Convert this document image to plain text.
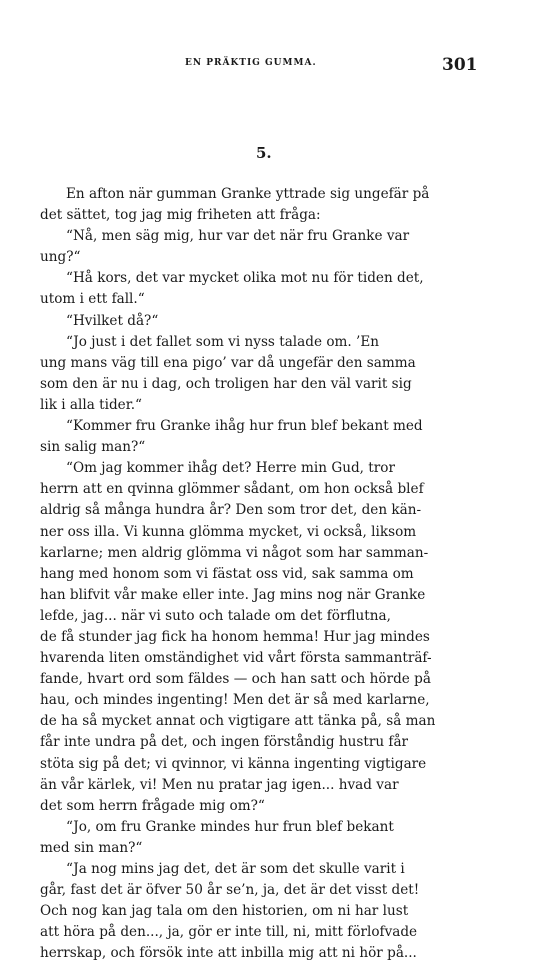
EN PRÄKTIG GUMMA.	301
5.
En afton när gumman Granke yttrade sig ungefär på
det sättet, tog jag mig friheten att fråga:
“Nå, men säg mig, hur var det när fru Granke var
ung?“
“Hå kors, det var mycket olika mot nu för tiden det,
utom i ett fall.“
“Hvilket då?“
“Jo just i det fallet som vi nyss talade om. ’En
ung mans väg till ena pigo’ var då ungefär den samma
som den är nu i dag, och troligen har den väl varit sig
lik i alla tider.“
“Kommer fru Granke ihåg hur frun blef bekant med
sin salig man?“
“Om jag kommer ihåg det? Herre min Gud, tror
herrn att en qvinna glömmer sådant, om hon också blef
aldrig så många hundra år? Den som tror det, den kän-
ner oss illa. Vi kunna glömma mycket, vi också, liksom
karlarne; men aldrig glömma vi något som har samman-
hang med honom som vi fästat oss vid, sak samma om
han blifvit vår make eller inte. Jag mins nog när Granke
lefde, jag... när vi suto och talade om det förflutna,
de få stunder jag fick ha honom hemma! Hur jag mindes
hvarenda liten omständighet vid vårt första sammanträf-
fande, hvart ord som fäldes — och han satt och hörde på
hau, och mindes ingenting! Men det är så med karlarne,
de ha så mycket annat och vigtigare att tänka på, så man
får inte undra på det, och ingen förståndig hustru får
stöta sig på det; vi qvinnor, vi känna ingenting vigtigare
än vår kärlek, vi! Men nu pratar jag igen... hvad var
det som herrn frågade mig om?“
“Jo, om fru Granke mindes hur frun blef bekant
med sin man?“
“Ja nog mins jag det, det är som det skulle varit i
går, fast det är öfver 50 år se’n, ja, det är det visst det!
Och nog kan jag tala om den historien, om ni har lust
att höra på den..., ja, gör er inte till, ni, mitt förlofvade
herrskap, och försök inte att inbilla mig att ni hör på...
